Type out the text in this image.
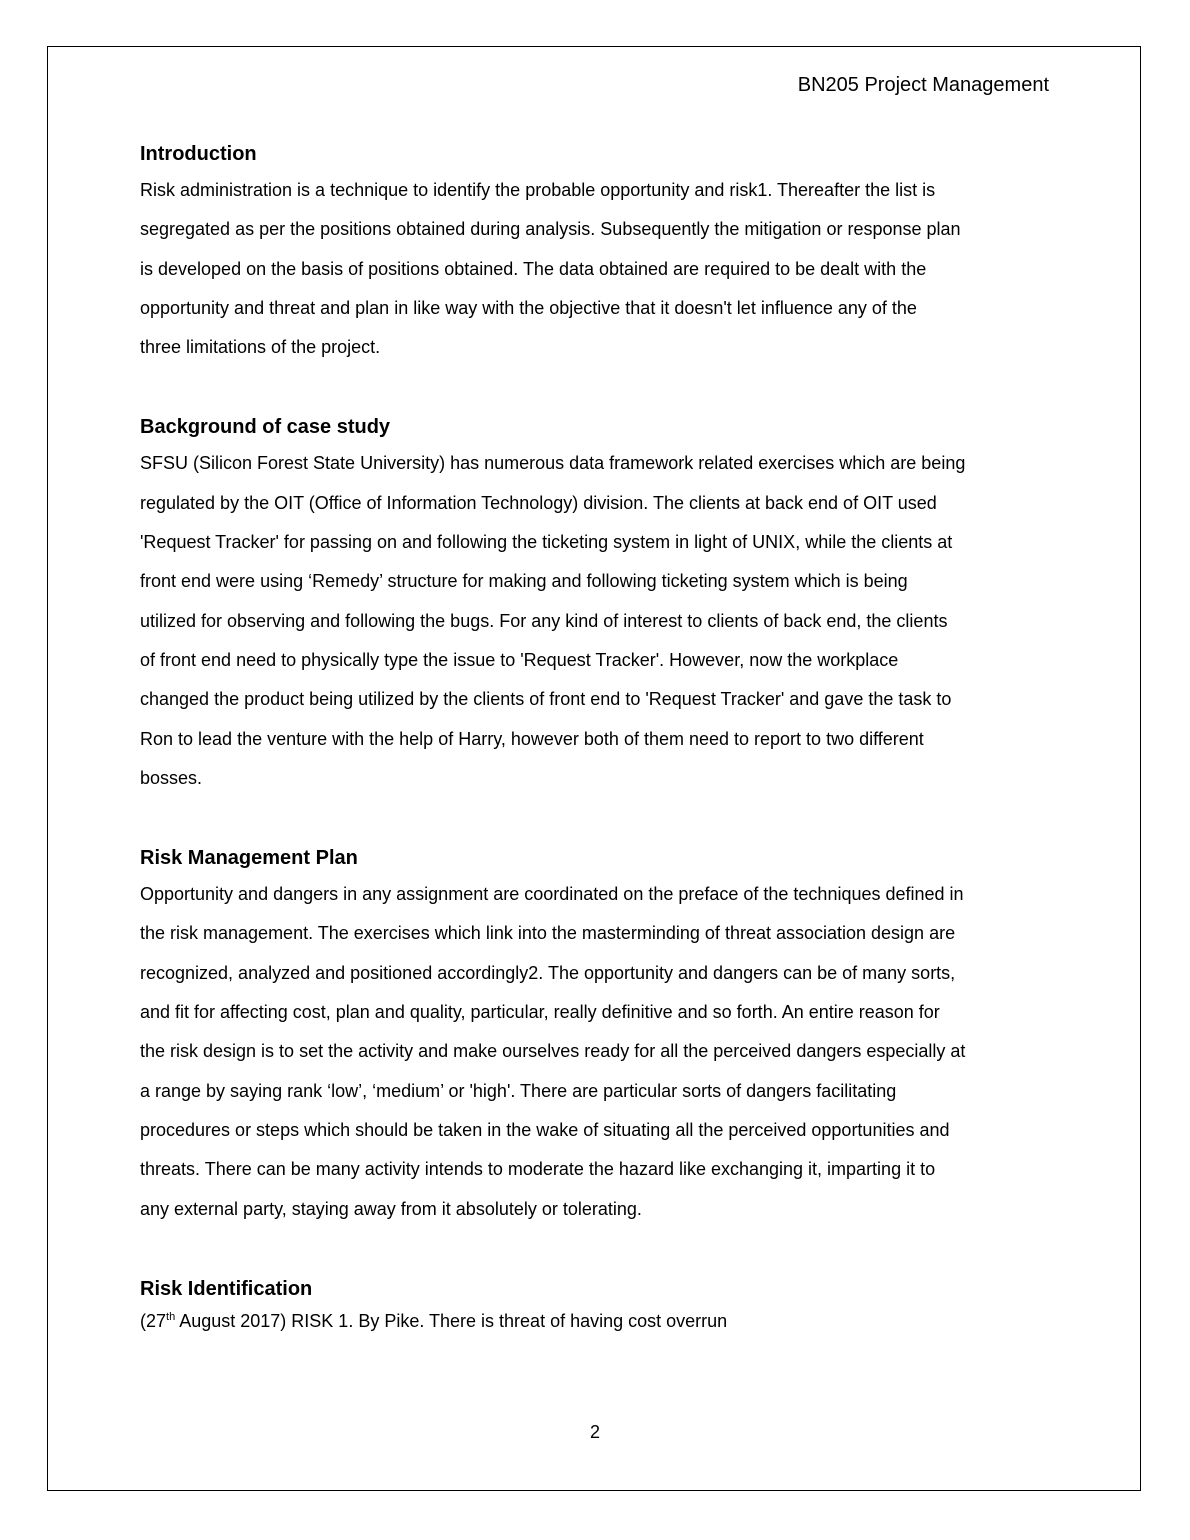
BN205 Project Management
Introduction

Risk administration is a technique to identify the probable opportunity and risk1. Thereafter the list is
segregated as per the positions obtained during analysis. Subsequently the mitigation or response plan
is developed on the basis of positions obtained. The data obtained are required to be dealt with the
opportunity and threat and plan in like way with the objective that it doesn't let influence any of the
three limitations of the project.

Background of case study

SFSU (Silicon Forest State University) has numerous data framework related exercises which are being
regulated by the OIT (Office of Information Technology) division. The clients at back end of OIT used
'Request Tracker' for passing on and following the ticketing system in light of UNIX, while the clients at
front end were using ‘Remedy’ structure for making and following ticketing system which is being
utilized for observing and following the bugs. For any kind of interest to clients of back end, the clients
of front end need to physically type the issue to 'Request Tracker'. However, now the workplace
changed the product being utilized by the clients of front end to 'Request Tracker' and gave the task to
Ron to lead the venture with the help of Harry, however both of them need to report to two different
bosses.

Risk Management Plan

Opportunity and dangers in any assignment are coordinated on the preface of the techniques defined in
the risk management. The exercises which link into the masterminding of threat association design are
recognized, analyzed and positioned accordingly2. The opportunity and dangers can be of many sorts,
and fit for affecting cost, plan and quality, particular, really definitive and so forth. An entire reason for
the risk design is to set the activity and make ourselves ready for all the perceived dangers especially at
a range by saying rank ‘low’, ‘medium’ or 'high'. There are particular sorts of dangers facilitating
procedures or steps which should be taken in the wake of situating all the perceived opportunities and
threats. There can be many activity intends to moderate the hazard like exchanging it, imparting it to
any external party, staying away from it absolutely or tolerating.

Risk Identification

(27th August 2017) RISK 1. By Pike. There is threat of having cost overrun

2
